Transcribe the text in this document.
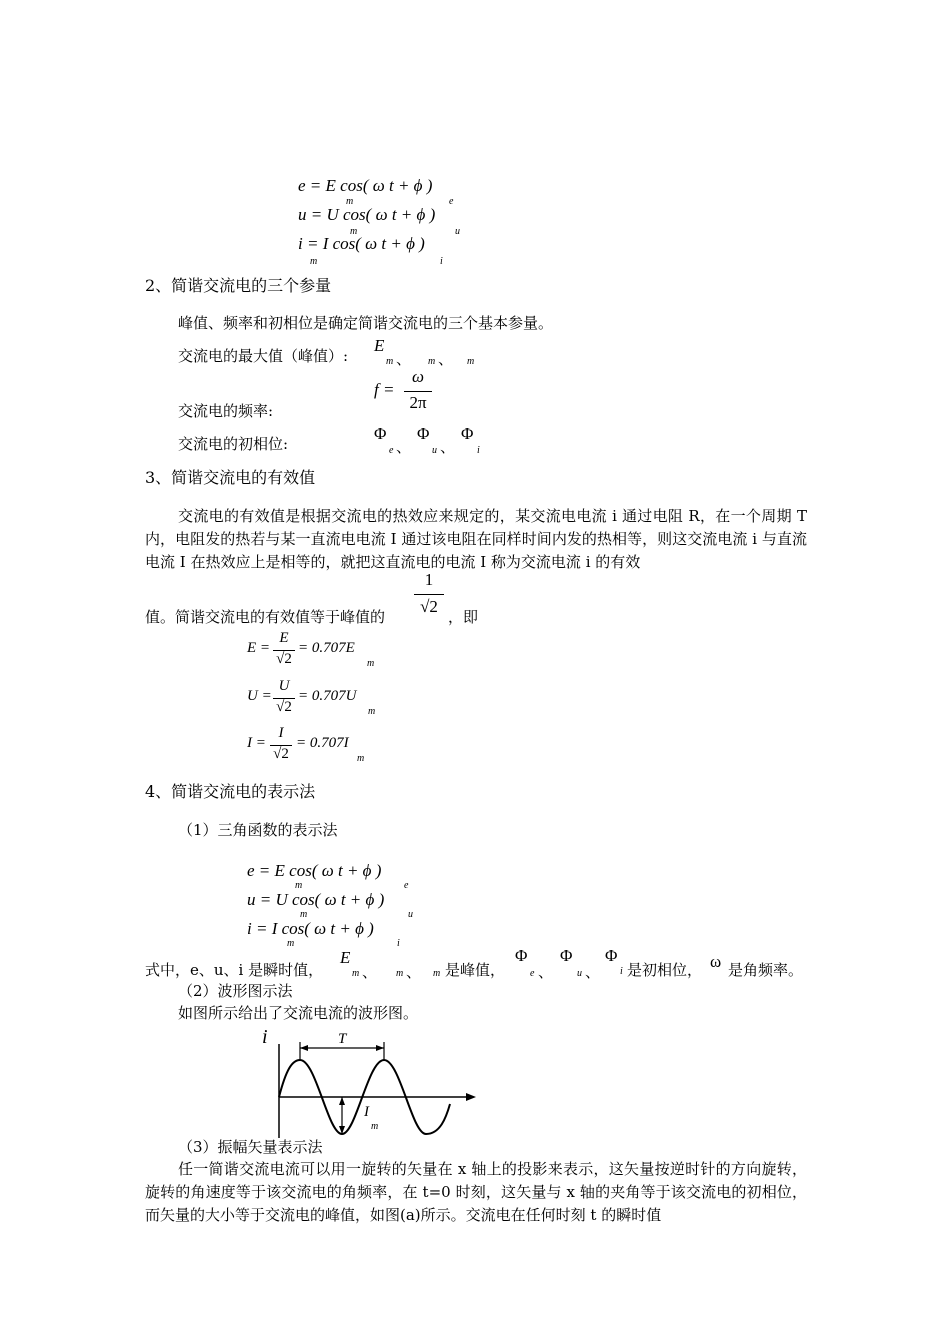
e = E cos( ω t + ϕ )
m	e
u = U cos( ω t + ϕ )
m	u
i = I cos( ω t + ϕ )
m	i
2、简谐交流电的三个参量
峰值、频率和初相位是确定简谐交流电的三个基本参量。
交流电的最大值（峰值）:
E
m 、 m 、 m
交流电的频率:
f =
ω
2π
交流电的初相位:
Φ
e 、
Φ
u 、
Φ
i
3、简谐交流电的有效值
交流电的有效值是根据交流电的热效应来规定的，某交流电电流 i 通过电阻 R，在一个周期 T 内，电阻发的热若与某一直流电电流 I 通过该电阻在同样时间内发的热相等，则这交流电流 i 与直流电流 I 在热效应上是相等的，就把这直流电的电流 I 称为交流电流 i 的有效
值。简谐交流电的有效值等于峰值的
1
√2
，即
E =
E
√2
= 0.707E
m
U =
U
√2
= 0.707U
m
I =
I
√2
= 0.707I
m
4、简谐交流电的表示法
（1）三角函数的表示法
e = E cos( ω t + ϕ )
m	e
u = U cos( ω t + ϕ )
m	u
i = I cos( ω t + ϕ )
m	i
式中，e、u、i 是瞬时值，
E
m 、 m 、 m 是峰值，
Φ
e 、
Φ
u 、
Φ
i 是初相位， ω 是角频率。
（2）波形图示法
如图所示给出了交流电流的波形图。
i	T
I
m
（3）振幅矢量表示法
任一简谐交流电流可以用一旋转的矢量在 x 轴上的投影来表示，这矢量按逆时针的方向旋转，旋转的角速度等于该交流电的角频率，在 t=0 时刻，这矢量与 x 轴的夹角等于该交流电的初相位，而矢量的大小等于交流电的峰值，如图(a)所示。交流电在任何时刻 t 的瞬时值
